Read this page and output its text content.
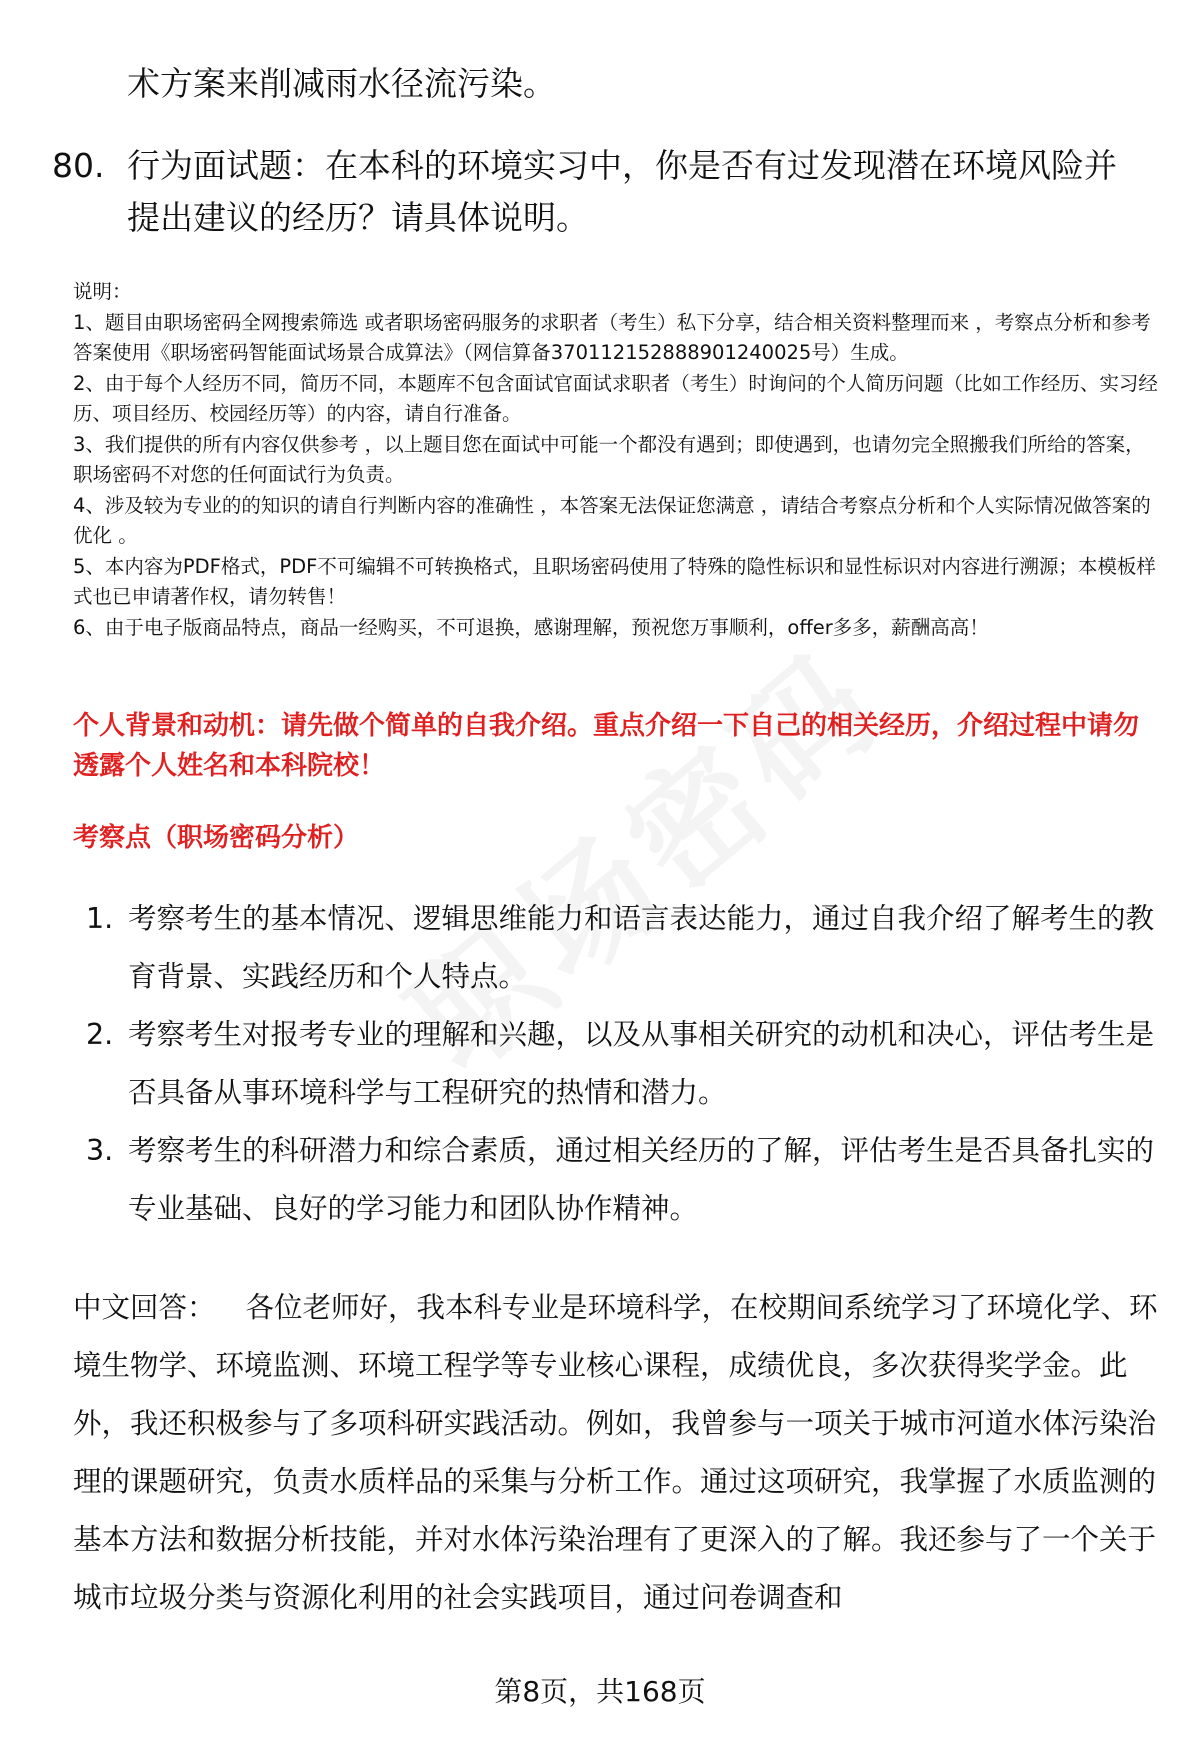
术方案来削减雨水径流污染。
80. 行为面试题：在本科的环境实习中，你是否有过发现潜在环境风险并提出建议的经历？请具体说明。
说明：
1、题目由职场密码全网搜索筛选 或者职场密码服务的求职者（考生）私下分享，结合相关资料整理而来 ，考察点分析和参考答案使用《职场密码智能面试场景合成算法》（网信算备370112152888901240025号）生成。
2、由于每个人经历不同，简历不同，本题库不包含面试官面试求职者（考生）时询问的个人简历问题（比如工作经历、实习经历、项目经历、校园经历等）的内容，请自行准备。
3、我们提供的所有内容仅供参考 ，以上题目您在面试中可能一个都没有遇到；即使遇到，也请勿完全照搬我们所给的答案，职场密码不对您的任何面试行为负责。
4、涉及较为专业的的知识的请自行判断内容的准确性 ，本答案无法保证您满意 ，请结合考察点分析和个人实际情况做答案的优化 。
5、本内容为PDF格式，PDF不可编辑不可转换格式，且职场密码使用了特殊的隐性标识和显性标识对内容进行溯源；本模板样式也已申请著作权，请勿转售！
6、由于电子版商品特点，商品一经购买，不可退换，感谢理解，预祝您万事顺利，offer多多，薪酬高高！
个人背景和动机：请先做个简单的自我介绍。重点介绍一下自己的相关经历，介绍过程中请勿透露个人姓名和本科院校！
考察点（职场密码分析）
1. 考察考生的基本情况、逻辑思维能力和语言表达能力，通过自我介绍了解考生的教育背景、实践经历和个人特点。
2. 考察考生对报考专业的理解和兴趣，以及从事相关研究的动机和决心，评估考生是否具备从事环境科学与工程研究的热情和潜力。
3. 考察考生的科研潜力和综合素质，通过相关经历的了解，评估考生是否具备扎实的专业基础、良好的学习能力和团队协作精神。
中文回答： 各位老师好，我本科专业是环境科学，在校期间系统学习了环境化学、环境生物学、环境监测、环境工程学等专业核心课程，成绩优良，多次获得奖学金。此外，我还积极参与了多项科研实践活动。例如，我曾参与一项关于城市河道水体污染治理的课题研究，负责水质样品的采集与分析工作。通过这项研究，我掌握了水质监测的基本方法和数据分析技能，并对水体污染治理有了更深入的了解。我还参与了一个关于城市垃圾分类与资源化利用的社会实践项目，通过问卷调查和
第8页，共168页
